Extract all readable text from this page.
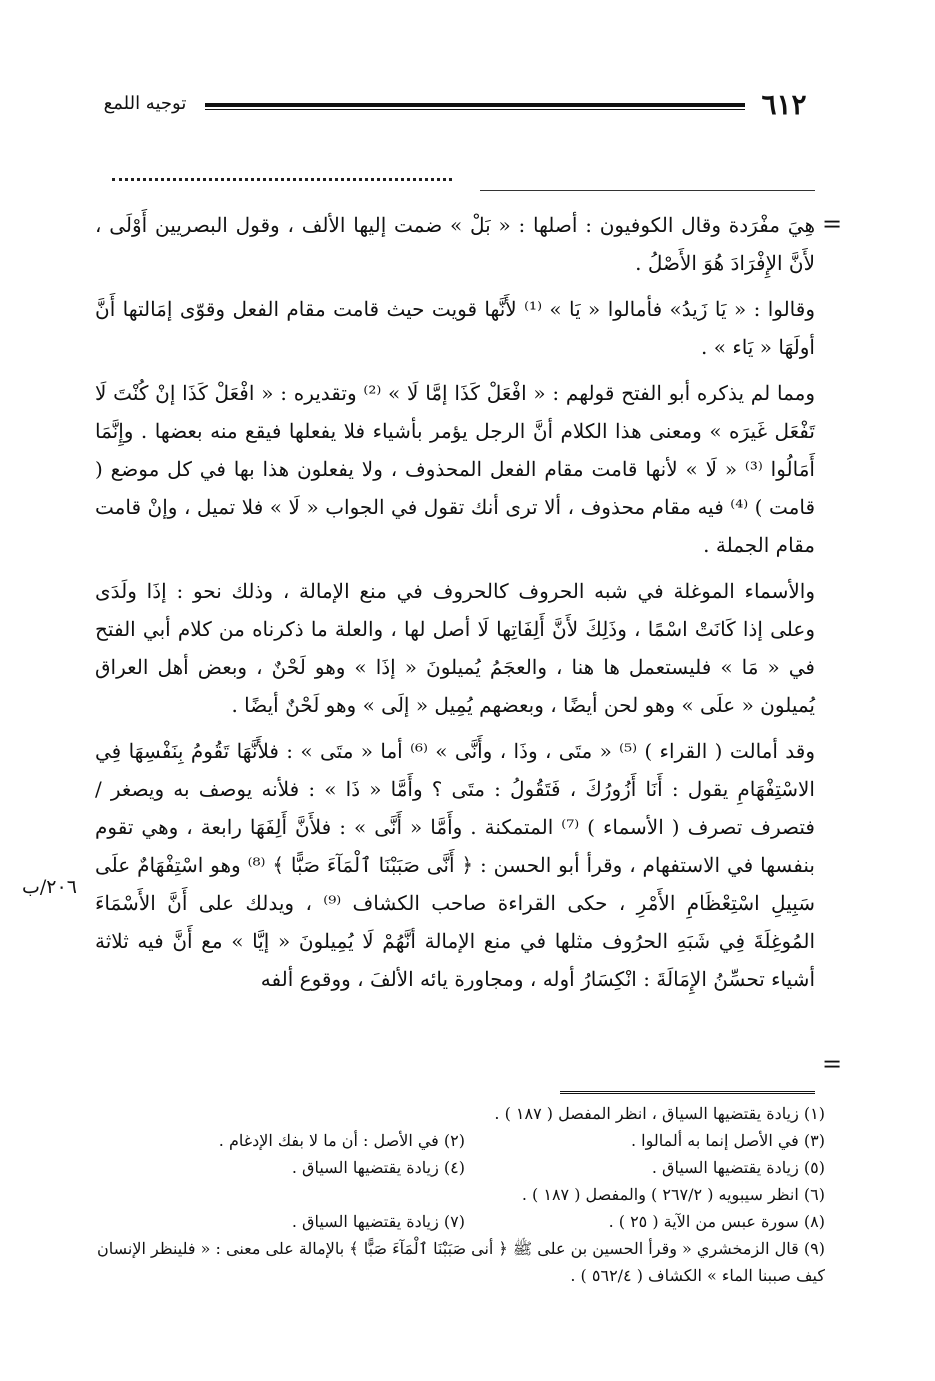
٦١٢
توجيه اللمع
=
٢٠٦/ب
=

هِيَ مفْرَدة وقال الكوفيون : أصلها : « بَلْ » ضمت إليها الألف ، وقول البصريين أَوْلَى ، لأَنَّ الإِفْرَادَ هُوَ الأَصْلُ .

وقالوا : « يَا زَيدُ» فأمالوا « يَا » ⁽¹⁾ لأَنَّها قويت حيث قامت مقام الفعل وقوّى إمَالتها أَنَّ أولَهَا « يَاء » .

ومما لم يذكره أبو الفتح قولهم : « افْعَلْ كَذَا إمَّا لَا » ⁽²⁾ وتقديره : « افْعَلْ كَذَا إنْ كُنْتَ لَا تَفْعَل غَيرَه » ومعنى هذا الكلام أنَّ الرجل يؤمر بأشياء فلا يفعلها فيقع منه بعضها . وإِنَّمَا أَمَالُوا ⁽³⁾ « لَا » لأنها قامت مقام الفعل المحذوف ، ولا يفعلون هذا بها في كل موضع ( قامت ) ⁽⁴⁾ فيه مقام محذوف ، ألا ترى أنك تقول في الجواب « لَا » فلا تميل ، وإنْ قامت مقام الجملة .

والأسماء الموغلة في شبه الحروف كالحروف في منع الإمالة ، وذلك نحو : إذَا ولَدَى وعلى إذا كَانَتْ اسْمًا ، وذَلِكَ لأَنَّ أَلِفَاتِها لَا أصل لها ، والعلة ما ذكرناه من كلام أبي الفتح في « مَا » فليستعمل ها هنا ، والعجَمُ يُميلونَ « إذَا » وهو لَحْنٌ ، وبعض أهل العراق يُميلون « علَى » وهو لحن أيضًا ، وبعضهم يُمِيل « إلَى » وهو لَحْنٌ أيضًا .

وقد أمالت ( القراء ) ⁽⁵⁾ « متَى ، وذَا ، وأَنَّى » ⁽⁶⁾ أما « متَى » : فلأَنَّهَا تَقُومُ بِنَفْسِهَا فِي الاسْتِفْهَامِ يقول : أَنَا أَزُورُكَ ، فَتَقُولُ : متَى ؟ وأَمَّا « ذَا » : فلأنه يوصف به ويصغر / فتصرف تصرف ( الأسماء ) ⁽⁷⁾ المتمكنة . وأَمَّا « أَنَّى » : فلأَنَّ أَلِفَهَا رابعة ، وهي تقوم بنفسها في الاستفهام ، وقرأ أبو الحسن : ﴿ أَنَّى صَبَبْنَا ٱلْمَآءَ صَبًّا ﴾ ⁽⁸⁾ وهو اسْتِفْهَامٌ علَى سَبِيلِ اسْتِعْظَامِ الأَمْرِ ، حكى القراءة صاحب الكشاف ⁽⁹⁾ ، ويدلك على أَنَّ الأَسْمَاءَ المُوغِلَةَ فِي شَبَهِ الحرُوف مثلها في منع الإمالة أنَّهُمْ لَا يُمِيلونَ « إيَّا » مع أَنَّ فيه ثلاثة أشياء تحسِّنُ الإِمَالَةَ : انْكِسَارُ أوله ، ومجاورة يائه الألفَ ، ووقوع ألفه

(١) زيادة يقتضيها السياق ، انظر المفصل ( ١٨٧ ) .
(٢) في الأصل : أن ما لا بفك الإدغام .	(٣) في الأصل إنما به ألمالوا .
(٤) زيادة يقتضيها السياق .	(٥) زيادة يقتضيها السياق .
(٦) انظر سيبويه ( ٢٦٧/٢ ) والمفصل ( ١٨٧ ) .
(٧) زيادة يقتضيها السياق .	(٨) سورة عبس من الآية ( ٢٥ ) .
(٩) قال الزمخشري « وقرأ الحسين بن على ﷺ ﴿ أنى صَبَبْنَا ٱلْمَآءَ صَبًّا ﴾ بالإمالة على معنى : « فلينظر الإنسان كيف صببنا الماء » الكشاف ( ٥٦٢/٤ ) .
